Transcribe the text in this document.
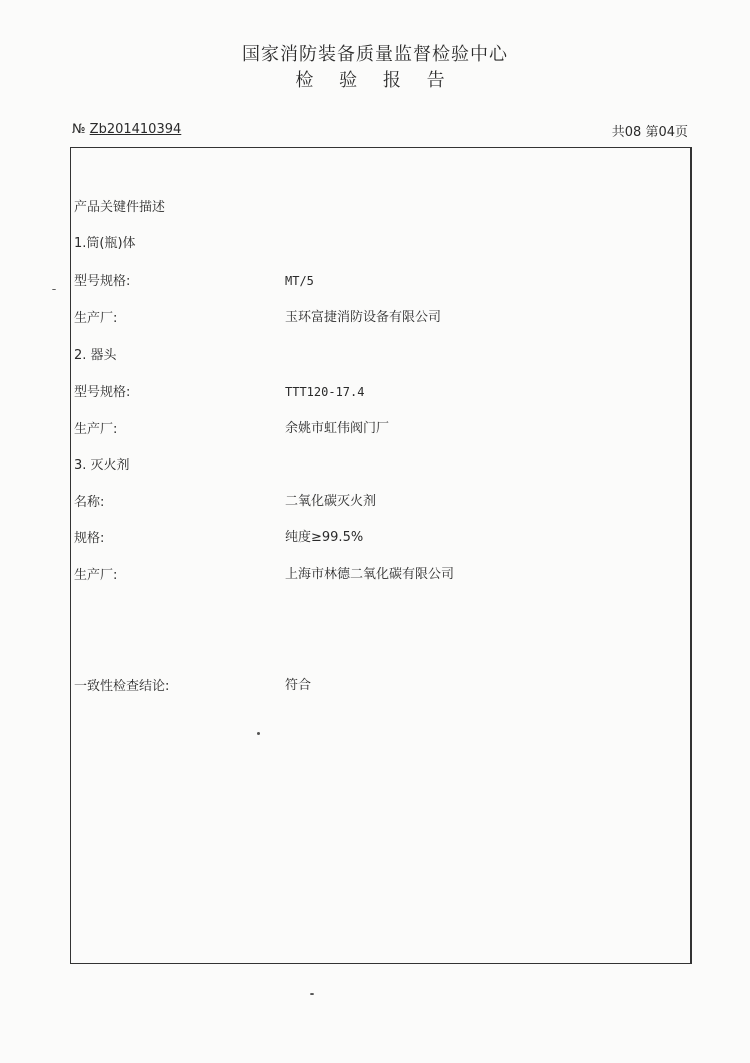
国家消防装备质量监督检验中心
检 验 报 告
№ Zb201410394	共08 第04页
产品关键件描述
1.筒(瓶)体
型号规格:	MT/5
生产厂:	玉环富捷消防设备有限公司
2. 器头
型号规格:	TTT120-17.4
生产厂:	余姚市虹伟阀门厂
3. 灭火剂
名称:	二氧化碳灭火剂
规格:	纯度≥99.5%
生产厂:	上海市林德二氧化碳有限公司
一致性检查结论:	符合
